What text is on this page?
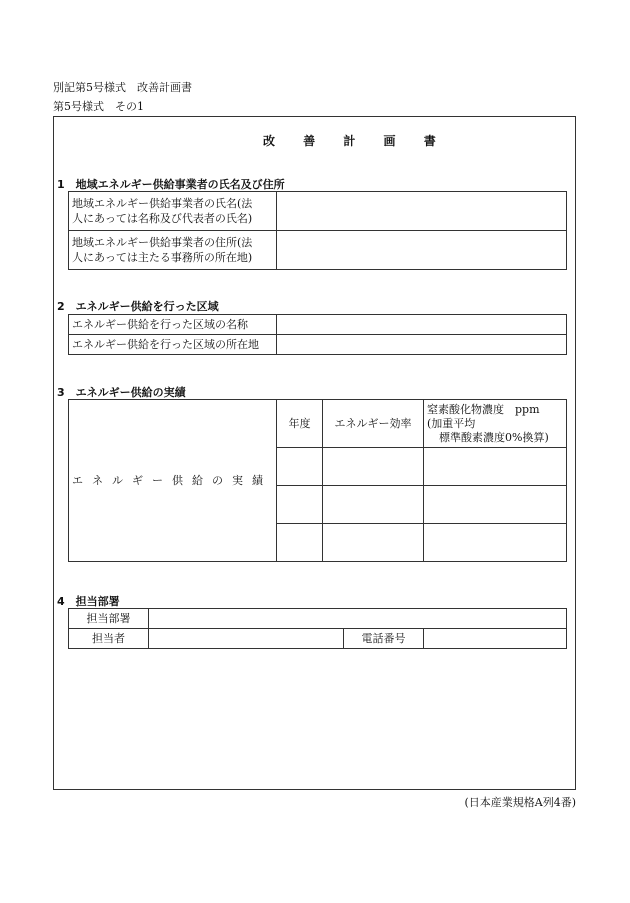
別記第5号様式　改善計画書
第5号様式　その1
改 善 計 画 書
1　地域エネルギー供給事業者の氏名及び住所
地域エネルギー供給事業者の氏名(法
人にあっては名称及び代表者の氏名)	

地域エネルギー供給事業者の住所(法
人にあっては主たる事務所の所在地)	

2　エネルギー供給を行った区域
エネルギー供給を行った区域の名称	
エネルギー供給を行った区域の所在地	
3　エネルギー供給の実績
エネルギー供給の実績	年度	エネルギー効率	窒素酸化物濃度　ppm
(加重平均
標準酸素濃度0%換算)

4　担当部署
担当部署			
担当者		電話番号	
(日本産業規格A列4番)
